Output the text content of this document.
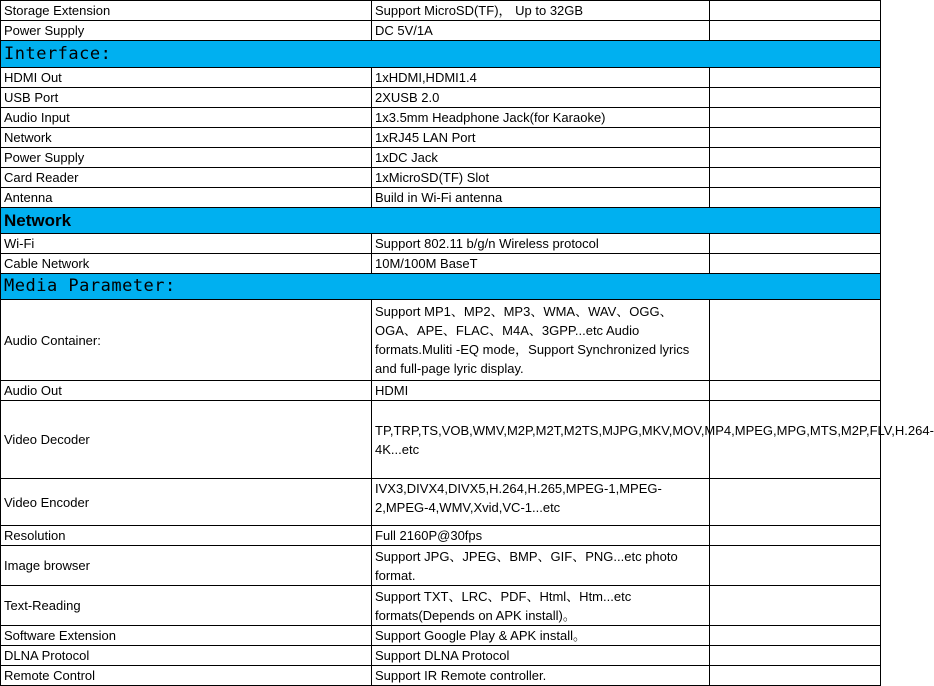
Storage Extension	Support MicroSD(TF)， Up to 32GB	
Power Supply	DC 5V/1A	
Interface:		
HDMI Out	1xHDMI,HDMI1.4	
USB Port	2XUSB 2.0	
Audio Input	1x3.5mm Headphone Jack(for Karaoke)	
Network	1xRJ45 LAN Port	
Power Supply	1xDC Jack	
Card Reader	1xMicroSD(TF) Slot	
Antenna	Build in Wi-Fi antenna	
Network		
Wi-Fi	Support 802.11 b/g/n Wireless protocol	
Cable Network	10M/100M BaseT	
Media Parameter:		
Audio Container:	Support MP1、MP2、MP3、WMA、WAV、OGG、OGA、APE、FLAC、M4A、3GPP...etc Audio formats.Muliti -EQ mode，Support Synchronized lyrics and full-page lyric display.	
Audio Out	HDMI	
Video Decoder	TP,TRP,TS,VOB,WMV,M2P,M2T,M2TS,MJPG,MKV,MOV,MP4,MPEG,MPG,MTS,M2P,FLV,H.264-4K...etc	
Video Encoder	IVX3,DIVX4,DIVX5,H.264,H.265,MPEG-1,MPEG-2,MPEG-4,WMV,Xvid,VC-1...etc	
Resolution	Full 2160P@30fps	
Image browser	Support JPG、JPEG、BMP、GIF、PNG...etc photo format.	
Text-Reading	Support TXT、LRC、PDF、Html、Htm...etc formats(Depends on APK install)。	
Software Extension	Support Google Play & APK install。	
DLNA Protocol	Support DLNA Protocol	
Remote Control	Support IR Remote controller.	
